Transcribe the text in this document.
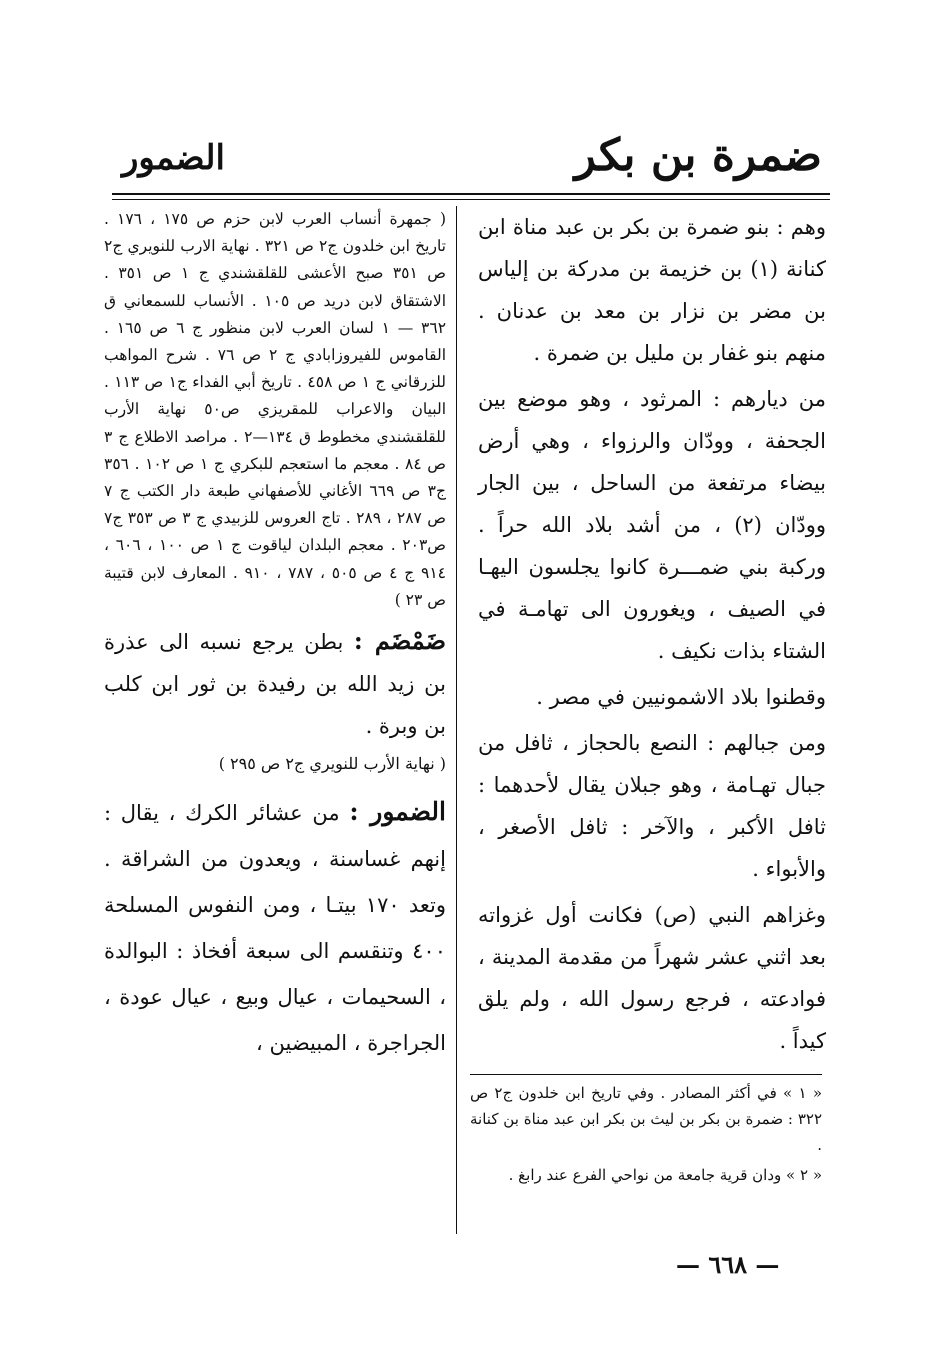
ضمرة بن بكر
الضمور

وهم : بنو ضمرة بن بكر بن عبد مناة ابن كنانة (١) بن خزيمة بن مدركة بن إلياس بن مضر بن نزار بن معد بن عدنان . منهم بنو غفار بن مليل بن ضمرة .

من ديارهم : المرثود ، وهو موضع بين الجحفة ، وودّان والرزواء ، وهي أرض بيضاء مرتفعة من الساحل ، بين الجار وودّان (٢) ، من أشد بلاد الله حراً . وركبة بني ضمـــرة كانوا يجلسون اليهـا في الصيف ، ويغورون الى تهامـة في الشتاء بذات نكيف .

وقطنوا بلاد الاشمونيين في مصر .

ومن جبالهم : النصع بالحجاز ، ثافل من جبال تهـامة ، وهو جبلان يقال لأحدهما : ثافل الأكبر ، والآخر : ثافل الأصغر ، والأبواء .

وغزاهم النبي (ص) فكانت أول غزواته بعد اثني عشر شهراً من مقدمة المدينة ، فوادعته ، فرجع رسول الله ، ولم يلق كيداً .

( جمهرة أنساب العرب لابن حزم ص ١٧٥ ، ١٧٦ . تاريخ ابن خلدون ج٢ ص ٣٢١ . نهاية الارب للنويري ج٢ ص ٣٥١ صبح الأعشى للقلقشندي ج ١ ص ٣٥١ . الاشتقاق لابن دريد ص ١٠٥ . الأنساب للسمعاني ق ٣٦٢ — ١ لسان العرب لابن منظور ج ٦ ص ١٦٥ . القاموس للفيروزابادي ج ٢ ص ٧٦ . شرح المواهب للزرقاني ج ١ ص ٤٥٨ . تاريخ أبي الفداء ج١ ص ١١٣ . البيان والاعراب للمقريزي ص٥٠ نهاية الأرب للقلقشندي مخطوط ق ١٣٤—٢ . مراصد الاطلاع ج ٣ ص ٨٤ . معجم ما استعجم للبكري ج ١ ص ١٠٢ . ٣٥٦ ج٣ ص ٦٦٩ الأغاني للأصفهاني طبعة دار الكتب ج ٧ ص ٢٨٧ ، ٢٨٩ . تاج العروس للزبيدي ج ٣ ص ٣٥٣ ج٧ ص٢٠٣ . معجم البلدان لياقوت ج ١ ص ١٠٠ ، ٦٠٦ ، ٩١٤ ج ٤ ص ٥٠٥ ، ٧٨٧ ، ٩١٠ . المعارف لابن قتيبة ص ٢٣ )

ضَمْضَم : بطن يرجع نسبه الى عذرة بن زيد الله بن رفيدة بن ثور ابن كلب بن وبرة .

( نهاية الأرب للنويري ج٢ ص ٢٩٥ )

الضمور : من عشائر الكرك ، يقال : إنهم غساسنة ، ويعدون من الشراقة . وتعد ١٧٠ بيتـا ، ومن النفوس المسلحة ٤٠٠ وتنقسم الى سبعة أفخاذ : البوالدة ، السحيمات ، عيال وبيع ، عيال عودة ، الجراجرة ، المبيضين ،

« ١ » في أكثر المصادر . وفي تاريخ ابن خلدون ج٢ ص ٣٢٢ : ضمرة بن بكر بن ليث بن بكر ابن عبد مناة بن كنانة .

« ٢ » ودان قرية جامعة من نواحي الفرع عند رابغ .

— ٦٦٨ —
